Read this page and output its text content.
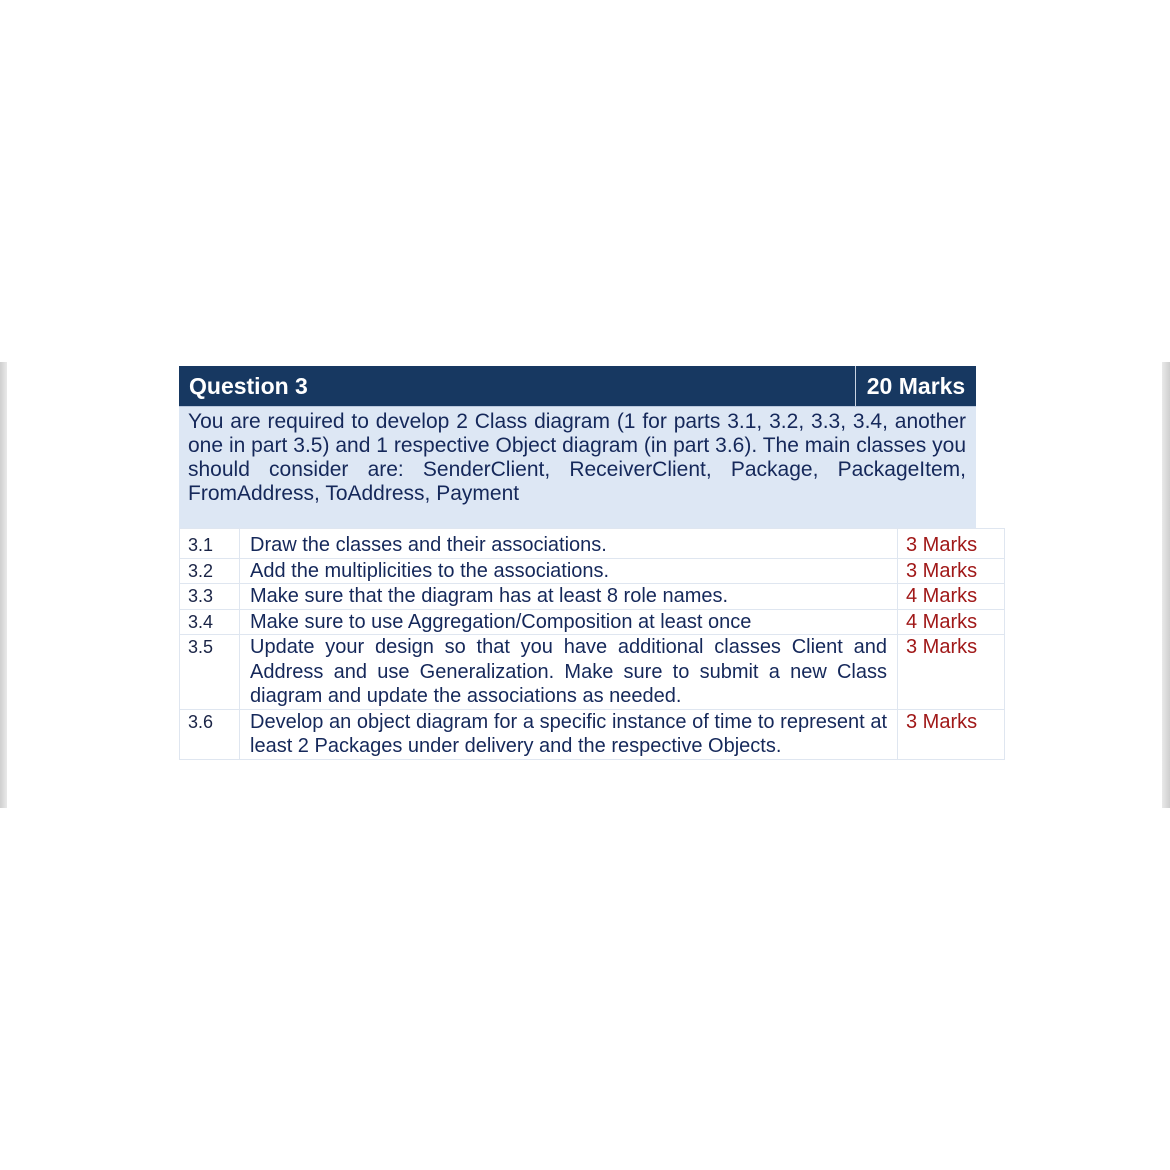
Question 3	20 Marks
You are required to develop 2 Class diagram (1 for parts 3.1, 3.2, 3.3, 3.4, another one in part 3.5) and 1 respective Object diagram (in part 3.6). The main classes you should consider are: SenderClient, ReceiverClient, Package, PackageItem, FromAddress, ToAddress, Payment
3.1	Draw the classes and their associations.	3 Marks
3.2	Add the multiplicities to the associations.	3 Marks
3.3	Make sure that the diagram has at least 8 role names.	4 Marks
3.4	Make sure to use Aggregation/Composition at least once	4 Marks
3.5	Update your design so that you have additional classes Client and Address and use Generalization. Make sure to submit a new Class diagram and update the associations as needed.	3 Marks
3.6	Develop an object diagram for a specific instance of time to represent at least 2 Packages under delivery and the respective Objects.	3 Marks
